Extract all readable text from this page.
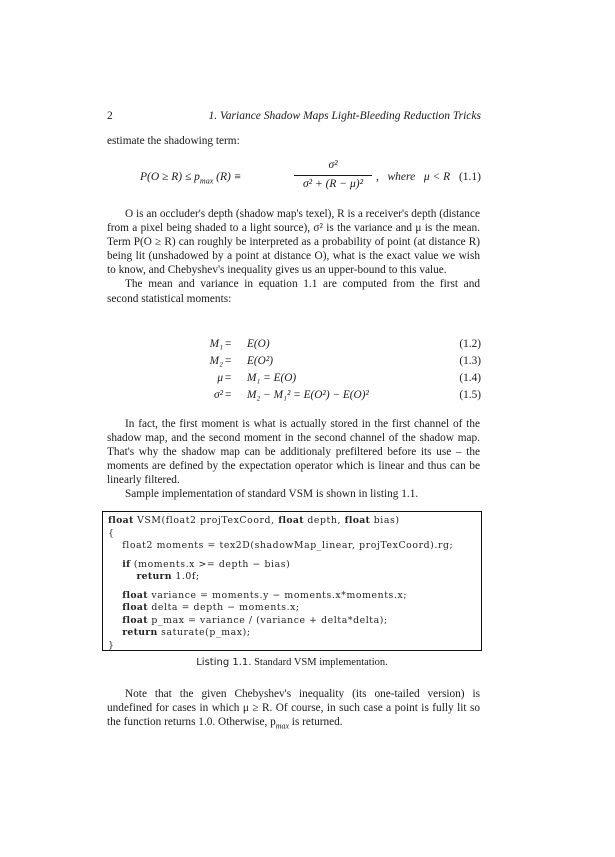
2	1. Variance Shadow Maps Light-Bleeding Reduction Tricks

estimate the shadowing term:

$P(O \ge R) \le p_{max}$ (R) ≡
σ²
σ² + (R − μ)²
, where μ < R (1.1)

O is an occluder's depth (shadow map's texel), R is a receiver's depth (distance from a pixel being shaded to a light source), σ² is the variance and μ is the mean. Term P(O ≥ R) can roughly be interpreted as a probability of point (at distance R) being lit (unshadowed by a point at distance O), what is the exact value we wish to know, and Chebyshev's inequality gives us an upper-bound to this value.

The mean and variance in equation 1.1 are computed from the first and second statistical moments:

M₁ = E(O)	(1.2)
M₂ = E(O²)	(1.3)
μ = M₁ = E(O)	(1.4)
σ² = M₂ − M₁² = E(O²) − E(O)²	(1.5)

In fact, the first moment is what is actually stored in the first channel of the shadow map, and the second moment in the second channel of the shadow map. That's why the shadow map can be additionaly prefiltered before its use – the moments are defined by the expectation operator which is linear and thus can be linearly filtered.

Sample implementation of standard VSM is shown in listing 1.1.

float VSM(float2 projTexCoord, float depth, float bias)
{
float2 moments = tex2D(shadowMap_linear, projTexCoord).rg;
if (moments.x >= depth − bias)
return 1.0f;
float variance = moments.y − moments.x*moments.x;
float delta = depth − moments.x;
float p_max = variance / (variance + delta*delta);
return saturate(p_max);
}
Listing 1.1. Standard VSM implementation.

Note that the given Chebyshev's inequality (its one-tailed version) is undefined for cases in which μ ≥ R. Of course, in such case a point is fully lit so the function returns 1.0. Otherwise, $p_{max}$ is returned.
